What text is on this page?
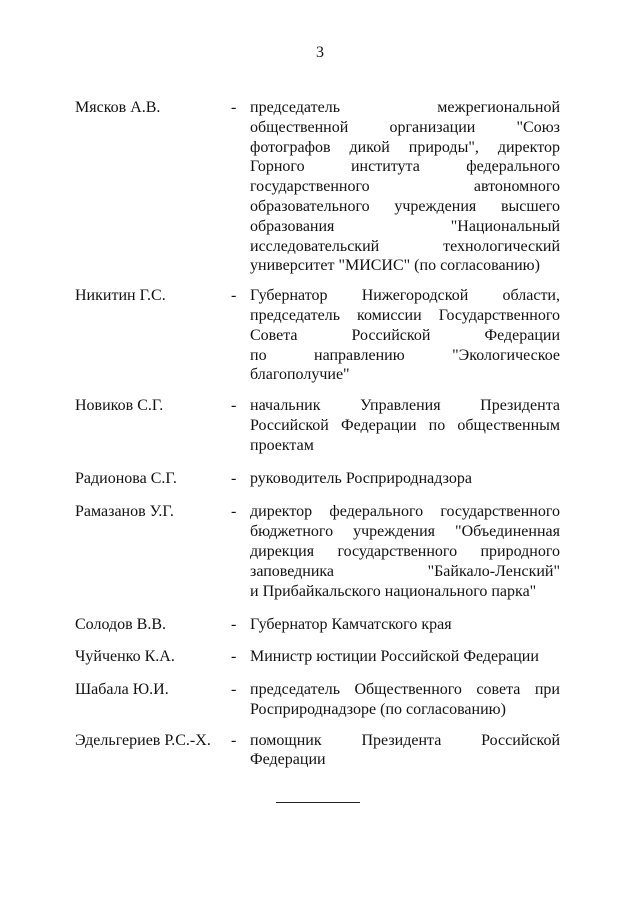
3
Мясков А.В.	- председатель межрегиональной
общественной организации "Союз
фотографов дикой природы", директор
Горного института федерального
государственного автономного
образовательного учреждения высшего
образования "Национальный
исследовательский технологический
университет "МИСИС" (по согласованию)
Никитин Г.С.	- Губернатор Нижегородской области,
председатель комиссии Государственного
Совета Российской Федерации
по направлению "Экологическое
благополучие"
Новиков С.Г.	- начальник Управления Президента
Российской Федерации по общественным
проектам
Радионова С.Г.	- руководитель Росприроднадзора
Рамазанов У.Г.	- директор федерального государственного
бюджетного учреждения "Объединенная
дирекция государственного природного
заповедника "Байкало-Ленский"
и Прибайкальского национального парка"
Солодов В.В.	- Губернатор Камчатского края
Чуйченко К.А.	- Министр юстиции Российской Федерации
Шабала Ю.И.	- председатель Общественного совета при
Росприроднадзоре (по согласованию)
Эдельгериев Р.С.-Х.	- помощник Президента Российской
Федерации
